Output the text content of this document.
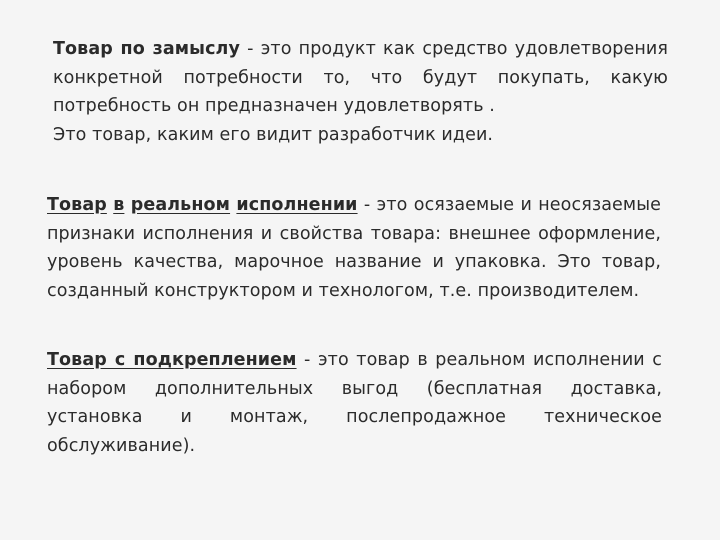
Товар по замыслу - это продукт как средство удовлетворения конкретной потребности то, что будут покупать, какую потребность он предназначен удовлетворять .
Это товар, каким его видит разработчик идеи.
Товар в реальном исполнении - это осязаемые и неосязаемые признаки исполнения и свойства товара: внешнее оформление, уровень качества, марочное название и упаковка. Это товар, созданный конструктором и технологом, т.е. производителем.
Товар с подкреплением - это товар в реальном исполнении с набором дополнительных выгод (бесплатная доставка, установка и монтаж, послепродажное техническое обслуживание).
